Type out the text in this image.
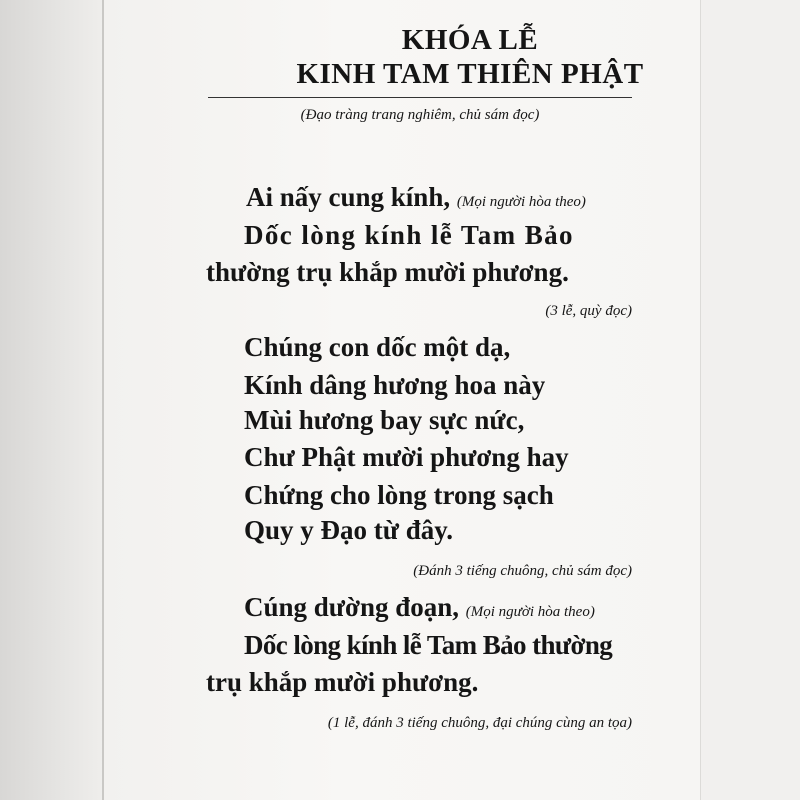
KHÓA LỄ
KINH TAM THIÊN PHẬT

(Đạo tràng trang nghiêm, chủ sám đọc)

Ai nấy cung kính, (Mọi người hòa theo)

Dốc lòng kính lễ Tam Bảo

thường trụ khắp mười phương.

(3 lễ, quỳ đọc)

Chúng con dốc một dạ,

Kính dâng hương hoa này

Mùi hương bay sực nức,

Chư Phật mười phương hay

Chứng cho lòng trong sạch

Quy y Đạo từ đây.

(Đánh 3 tiếng chuông, chủ sám đọc)

Cúng dường đoạn, (Mọi người hòa theo)

Dốc lòng kính lễ Tam Bảo thường

trụ khắp mười phương.

(1 lễ, đánh 3 tiếng chuông, đại chúng cùng an tọa)
